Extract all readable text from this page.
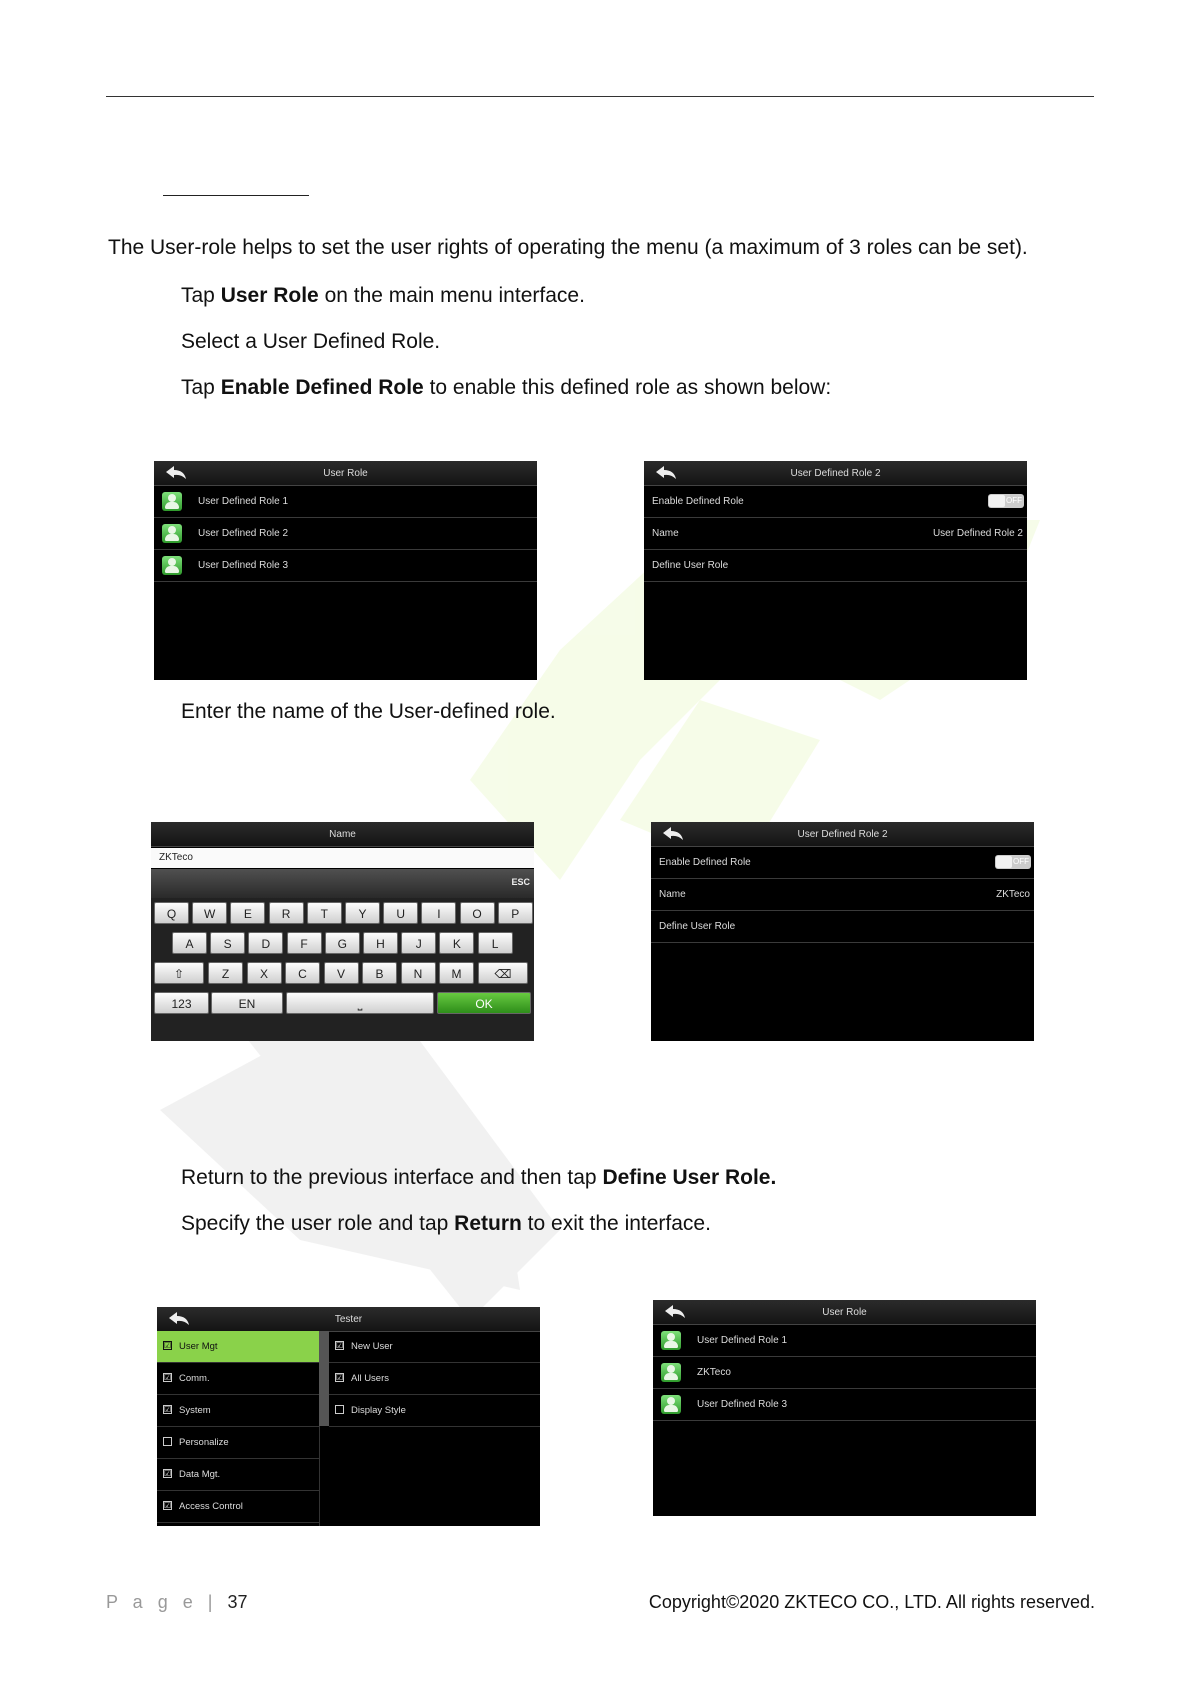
The User-role helps to set the user rights of operating the menu (a maximum of 3 roles can be set).
Tap User Role on the main menu interface.
Select a User Defined Role.
Tap Enable Defined Role to enable this defined role as shown below:
User Role
User Defined Role 1
User Defined Role 2
User Defined Role 3
User Defined Role 2
Enable Defined Role	OFF
Name	User Defined Role 2
Define User Role
Enter the name of the User-defined role.
Name
ZKTeco
ESC
Q	W	E	R	T	Y	U	I	O	P
A	S	D	F	G	H	J	K	L
⇧	Z	X	C	V	B	N	M	⌫
123	EN	⎵	OK
User Defined Role 2
Enable Defined Role	OFF
Name	ZKTeco
Define User Role
Return to the previous interface and then tap Define User Role.
Specify the user role and tap Return to exit the interface.
Tester
☑ User Mgt
☑ Comm.
☑ System
Personalize
☑ Data Mgt.
☑ Access Control
☑ New User
☑ All Users
Display Style
User Role
User Defined Role 1
ZKTeco
User Defined Role 3
P a g e | 37	Copyright©2020 ZKTECO CO., LTD. All rights reserved.
